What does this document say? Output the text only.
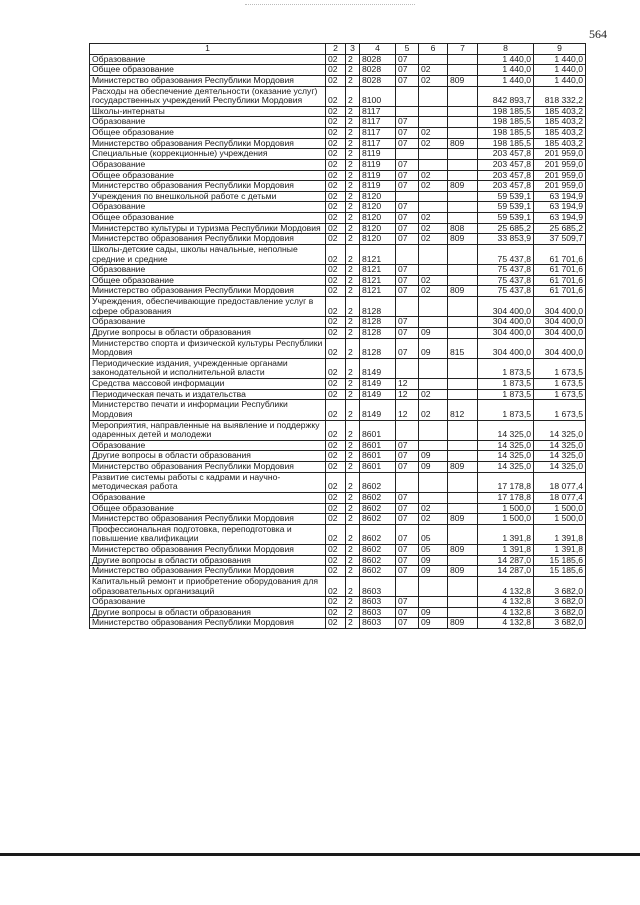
564
1	2	3	4	5	6	7	8	9
Образование	02	2	8028	07			1 440,0	1 440,0
Общее образование	02	2	8028	07	02		1 440,0	1 440,0
Министерство образования Республики Мордовия	02	2	8028	07	02	809	1 440,0	1 440,0
Расходы на обеспечение деятельности (оказание услуг) государственных учреждений Республики Мордовия	02	2	8100				842 893,7	818 332,2
Школы-интернаты	02	2	8117				198 185,5	185 403,2
Образование	02	2	8117	07			198 185,5	185 403,2
Общее образование	02	2	8117	07	02		198 185,5	185 403,2
Министерство образования Республики Мордовия	02	2	8117	07	02	809	198 185,5	185 403,2
Специальные (коррекционные) учреждения	02	2	8119				203 457,8	201 959,0
Образование	02	2	8119	07			203 457,8	201 959,0
Общее образование	02	2	8119	07	02		203 457,8	201 959,0
Министерство образования Республики Мордовия	02	2	8119	07	02	809	203 457,8	201 959,0
Учреждения по внешкольной работе с детьми	02	2	8120				59 539,1	63 194,9
Образование	02	2	8120	07			59 539,1	63 194,9
Общее образование	02	2	8120	07	02		59 539,1	63 194,9
Министерство культуры и туризма Республики Мордовия	02	2	8120	07	02	808	25 685,2	25 685,2
Министерство образования Республики Мордовия	02	2	8120	07	02	809	33 853,9	37 509,7
Школы-детские сады, школы начальные, неполные средние и средние	02	2	8121				75 437,8	61 701,6
Образование	02	2	8121	07			75 437,8	61 701,6
Общее образование	02	2	8121	07	02		75 437,8	61 701,6
Министерство образования Республики Мордовия	02	2	8121	07	02	809	75 437,8	61 701,6
Учреждения, обеспечивающие предоставление услуг в сфере образования	02	2	8128				304 400,0	304 400,0
Образование	02	2	8128	07			304 400,0	304 400,0
Другие вопросы в области образования	02	2	8128	07	09		304 400,0	304 400,0
Министерство спорта и физической культуры Республики Мордовия	02	2	8128	07	09	815	304 400,0	304 400,0
Периодические издания, учрежденные органами законодательной и исполнительной власти	02	2	8149				1 873,5	1 673,5
Средства массовой информации	02	2	8149	12			1 873,5	1 673,5
Периодическая печать и издательства	02	2	8149	12	02		1 873,5	1 673,5
Министерство печати и информации Республики Мордовия	02	2	8149	12	02	812	1 873,5	1 673,5
Мероприятия, направленные на выявление и поддержку одаренных детей и молодежи	02	2	8601				14 325,0	14 325,0
Образование	02	2	8601	07			14 325,0	14 325,0
Другие вопросы в области образования	02	2	8601	07	09		14 325,0	14 325,0
Министерство образования Республики Мордовия	02	2	8601	07	09	809	14 325,0	14 325,0
Развитие системы работы с кадрами и научно-методическая работа	02	2	8602				17 178,8	18 077,4
Образование	02	2	8602	07			17 178,8	18 077,4
Общее образование	02	2	8602	07	02		1 500,0	1 500,0
Министерство образования Республики Мордовия	02	2	8602	07	02	809	1 500,0	1 500,0
Профессиональная подготовка, переподготовка и повышение квалификации	02	2	8602	07	05		1 391,8	1 391,8
Министерство образования Республики Мордовия	02	2	8602	07	05	809	1 391,8	1 391,8
Другие вопросы в области образования	02	2	8602	07	09		14 287,0	15 185,6
Министерство образования Республики Мордовия	02	2	8602	07	09	809	14 287,0	15 185,6
Капитальный ремонт и приобретение оборудования для образовательных организаций	02	2	8603				4 132,8	3 682,0
Образование	02	2	8603	07			4 132,8	3 682,0
Другие вопросы в области образования	02	2	8603	07	09		4 132,8	3 682,0
Министерство образования Республики Мордовия	02	2	8603	07	09	809	4 132,8	3 682,0
